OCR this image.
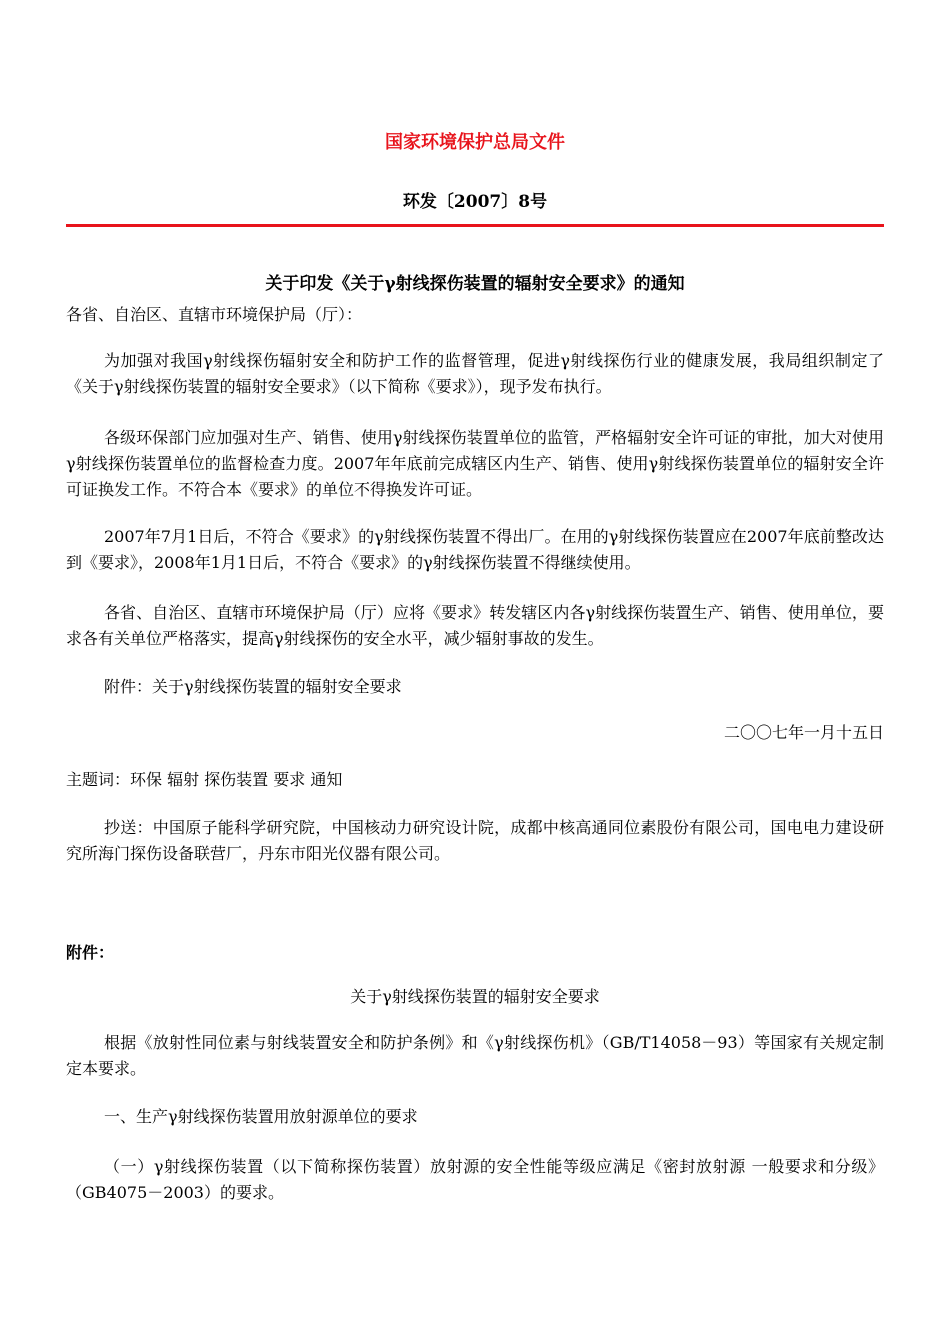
国家环境保护总局文件

环发〔2007〕8号

关于印发《关于γ射线探伤装置的辐射安全要求》的通知

各省、自治区、直辖市环境保护局（厅）：

为加强对我国γ射线探伤辐射安全和防护工作的监督管理，促进γ射线探伤行业的健康发展，我局组织制定了《关于γ射线探伤装置的辐射安全要求》（以下简称《要求》），现予发布执行。

各级环保部门应加强对生产、销售、使用γ射线探伤装置单位的监管，严格辐射安全许可证的审批，加大对使用γ射线探伤装置单位的监督检查力度。2007年年底前完成辖区内生产、销售、使用γ射线探伤装置单位的辐射安全许可证换发工作。不符合本《要求》的单位不得换发许可证。

2007年7月1日后，不符合《要求》的γ射线探伤装置不得出厂。在用的γ射线探伤装置应在2007年底前整改达到《要求》，2008年1月1日后，不符合《要求》的γ射线探伤装置不得继续使用。

各省、自治区、直辖市环境保护局（厅）应将《要求》转发辖区内各γ射线探伤装置生产、销售、使用单位，要求各有关单位严格落实，提高γ射线探伤的安全水平，减少辐射事故的发生。

附件：关于γ射线探伤装置的辐射安全要求

二〇〇七年一月十五日

主题词：环保 辐射 探伤装置 要求 通知

抄送：中国原子能科学研究院，中国核动力研究设计院，成都中核高通同位素股份有限公司，国电电力建设研究所海门探伤设备联营厂，丹东市阳光仪器有限公司。

附件：

关于γ射线探伤装置的辐射安全要求

根据《放射性同位素与射线装置安全和防护条例》和《γ射线探伤机》（GB/T14058－93）等国家有关规定制定本要求。

一、生产γ射线探伤装置用放射源单位的要求

（一）γ射线探伤装置（以下简称探伤装置）放射源的安全性能等级应满足《密封放射源 一般要求和分级》（GB4075－2003）的要求。
